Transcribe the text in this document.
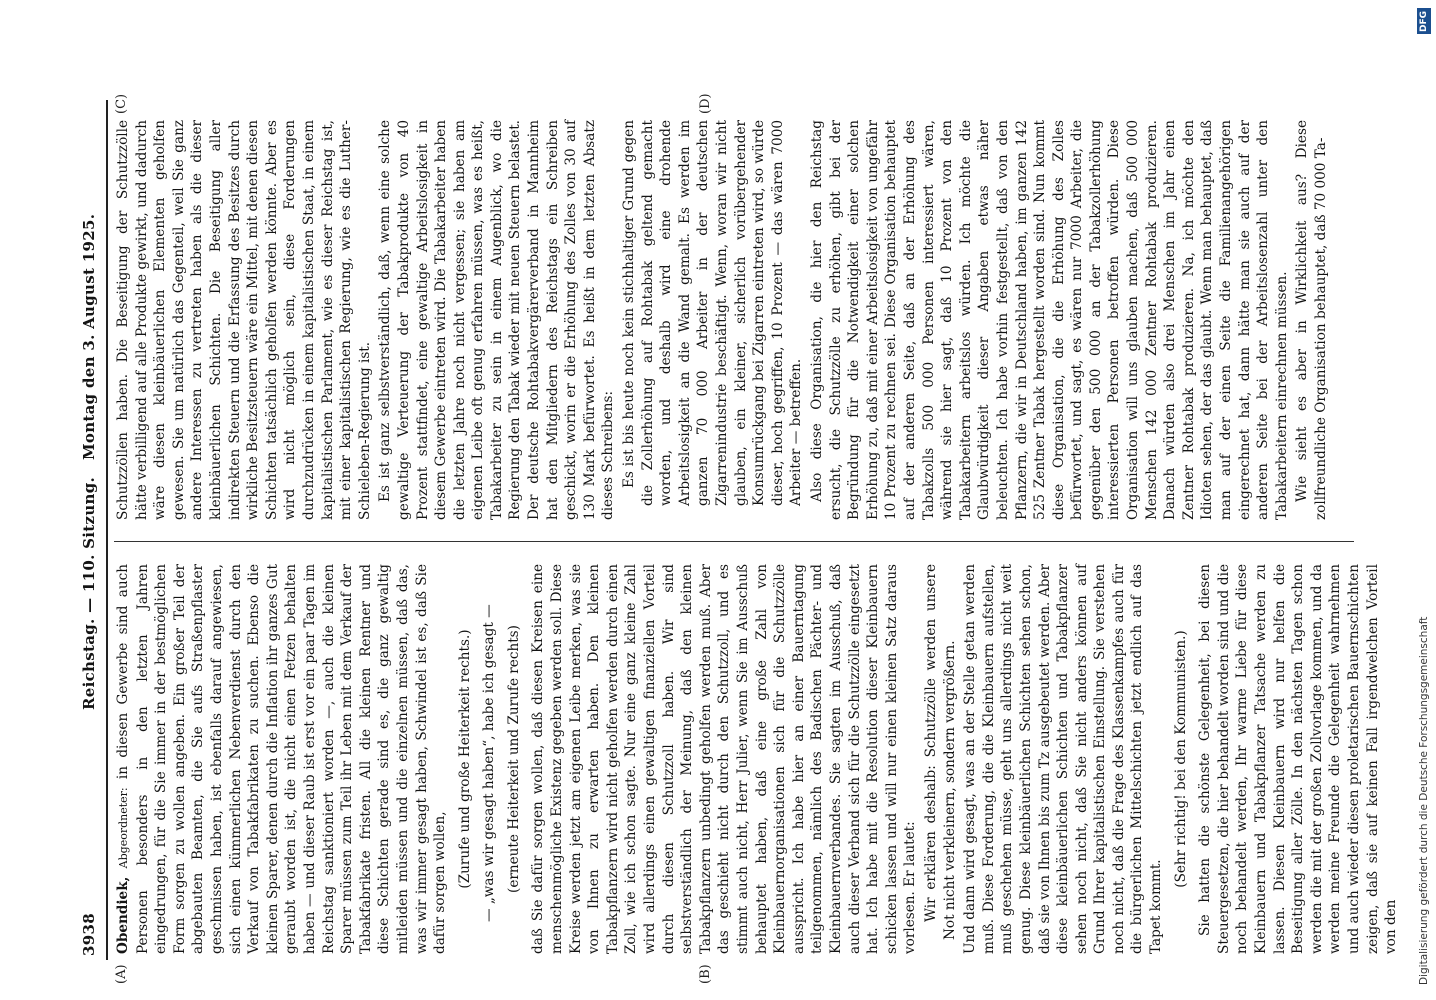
3938
Reichstag. — 110. Sitzung.
Montag den 3. August 1925.
(A)	(B)
(C)	(D)

Obendiek, Abgeordneter: in diesen Gewerbe sind auch Personen besonders in den letzten Jahren eingedrungen, für die Sie immer in der bestmöglichen Form sorgen zu wollen angeben. Ein großer Teil der abgebauten Beamten, die Sie aufs Straßenpflaster geschmissen haben, ist ebenfalls darauf angewiesen, sich einen kümmerlichen Nebenverdienst durch den Verkauf von Tabakfabrikaten zu suchen. Ebenso die kleinen Sparer, denen durch die Inflation ihr ganzes Gut geraubt worden ist, die nicht einen Fetzen behalten haben — und dieser Raub ist erst vor ein paar Tagen im Reichstag sanktioniert worden —, auch die kleinen Sparer müssen zum Teil ihr Leben mit dem Verkauf der Tabakfabrikate fristen. All die kleinen Rentner und diese Schichten gerade sind es, die ganz gewaltig mitleiden müssen und die einzelnen müssen, daß das, was wir immer gesagt haben, Schwindel ist es, daß Sie dafür sorgen wollen, (Zurufe und große Heiterkeit rechts.) — „was wir gesagt haben“, habe ich gesagt — (erneute Heiterkeit und Zurufe rechts) daß Sie dafür sorgen wollen, daß diesen Kreisen eine menschenmögliche Existenz gegeben werden soll. Diese Kreise werden jetzt am eigenen Leibe merken, was sie von Ihnen zu erwarten haben. Den kleinen Tabakpflanzern wird nicht geholfen werden durch einen Zoll, wie ich schon sagte. Nur eine ganz kleine Zahl wird allerdings einen gewaltigen finanziellen Vorteil durch diesen Schutzzoll haben. Wir sind selbstverständlich der Meinung, daß den kleinen Tabakpflanzern unbedingt geholfen werden muß. Aber das geschieht nicht durch den Schutzzoll, und es stimmt auch nicht, Herr Julier, wenn Sie im Ausschuß behauptet haben, daß eine große Zahl von Kleinbauernorganisationen sich für die Schutzzölle ausspricht. Ich habe hier an einer Bauerntagung teilgenommen, nämlich des Badischen Pächter- und Kleinbauernverbandes. Sie sagten im Ausschuß, daß auch dieser Verband sich für die Schutzzölle eingesetzt hat. Ich habe mit die Resolution dieser Kleinbauern schicken lassen und will nur einen kleinen Satz daraus vorlesen. Er lautet: Wir erklären deshalb: Schutzzölle werden unsere Not nicht verkleinern, sondern vergrößern. Und dann wird gesagt, was an der Stelle getan werden muß. Diese Forderung, die die Kleinbauern aufstellen, muß geschehen müsse, geht uns allerdings nicht weit genug. Diese kleinbäuerlichen Schichten sehen schon, daß sie von Ihnen bis zum Tz ausgebeutet werden. Aber diese kleinbäuerlichen Schichten und Tabakpflanzer sehen noch nicht, daß Sie nicht anders können auf Grund Ihrer kapitalistischen Einstellung. Sie verstehen noch nicht, daß die Frage des Klassenkampfes auch für die bürgerlichen Mittelschichten jetzt endlich auf das Tapet kommt.

(Sehr richtig! bei den Kommunisten.) Sie hatten die schönste Gelegenheit, bei diesen Steuergesetzen, die hier behandelt worden sind und die noch behandelt werden, Ihr warme Liebe für diese Kleinbauern und Tabakpflanzer Tatsache werden zu lassen. Diesen Kleinbauern wird nur helfen die Beseitigung aller Zölle. In den nächsten Tagen schon werden die mit der großen Zollvorlage kommen, und da werden meine Freunde die Gelegenheit wahrnehmen und auch wieder diesen proletarischen Bauernschichten zeigen, daß sie auf keinen Fall irgendwelchen Vorteil von den

Schutzzöllen haben. Die Beseitigung der Schutzzölle hätte verbilligend auf alle Produkte gewirkt, und dadurch wäre diesen kleinbäuerlichen Elementen geholfen gewesen. Sie um natürlich das Gegenteil, weil Sie ganz andere Interessen zu vertreten haben als die dieser kleinbäuerlichen Schichten. Die Beseitigung aller indirekten Steuern und die Erfassung des Besitzes durch wirkliche Besitzsteuern wäre ein Mittel, mit denen diesen Schichten tatsächlich geholfen werden könnte. Aber es wird nicht möglich sein, diese Forderungen durchzudrücken in einem kapitalistischen Staat, in einem kapitalistischen Parlament, wie es dieser Reichstag ist, mit einer kapitalistischen Regierung, wie es die Luther-Schieleben-Regierung ist. Es ist ganz selbstverständlich, daß, wenn eine solche gewaltige Verteuerung der Tabakprodukte von 40 Prozent stattfindet, eine gewaltige Arbeitslosigkeit in diesem Gewerbe eintreten wird. Die Tabakarbeiter haben die letzten Jahre noch nicht vergessen; sie haben am eigenen Leibe oft genug erfahren müssen, was es heißt, Tabakarbeiter zu sein in einem Augenblick, wo die Regierung den Tabak wieder mit neuen Steuern belastet. Der deutsche Rohtabakvergärerverband in Mannheim hat den Mitgliedern des Reichstags ein Schreiben geschickt, worin er die Erhöhung des Zolles von 30 auf 130 Mark befürwortet. Es heißt in dem letzten Absatz dieses Schreibens: Es ist bis heute noch kein stichhaltiger Grund gegen die Zollerhöhung auf Rohtabak geltend gemacht worden, und deshalb wird eine drohende Arbeitslosigkeit an die Wand gemalt. Es werden im ganzen 70 000 Arbeiter in der deutschen Zigarrenindustrie beschäftigt. Wenn, woran wir nicht glauben, ein kleiner, sicherlich vorübergehender Konsumrückgang bei Zigarren eintreten wird, so würde dieser, hoch gegriffen, 10 Prozent — das wären 7000 Arbeiter — betreffen. Also diese Organisation, die hier den Reichstag ersucht, die Schutzzölle zu erhöhen, gibt bei der Begründung für die Notwendigkeit einer solchen Erhöhung zu, daß mit einer Arbeitslosigkeit von ungefähr 10 Prozent zu rechnen sei. Diese Organisation behauptet auf der anderen Seite, daß an der Erhöhung des Tabakzolls 500 000 Personen interessiert wären, während sie hier sagt, daß 10 Prozent von den Tabakarbeitern arbeitslos würden. Ich möchte die Glaubwürdigkeit dieser Angaben etwas näher beleuchten. Ich habe vorhin festgestellt, daß von den Pflanzern, die wir in Deutschland haben, im ganzen 142 525 Zentner Tabak hergestellt worden sind. Nun kommt diese Organisation, die die Erhöhung des Zolles befürwortet, und sagt, es wären nur 7000 Arbeiter, die gegenüber den 500 000 an der Tabakzollerhöhung interessierten Personen betroffen würden. Diese Organisation will uns glauben machen, daß 500 000 Menschen 142 000 Zentner Rohtabak produzieren. Danach würden also drei Menschen im Jahr einen Zentner Rohtabak produzieren. Na, ich möchte den Idioten sehen, der das glaubt. Wenn man behauptet, daß man auf der einen Seite die Familienangehörigen eingerechnet hat, dann hätte man sie auch auf der anderen Seite bei der Arbeitslosenzahl unter den Tabakarbeitern einrechnen müssen. Wie sieht es aber in Wirklichkeit aus? Diese zollfreundliche Organisation behauptet, daß 70 000 Ta-

DFG
Digitalisierung gefördert durch die Deutsche Forschungsgemeinschaft
